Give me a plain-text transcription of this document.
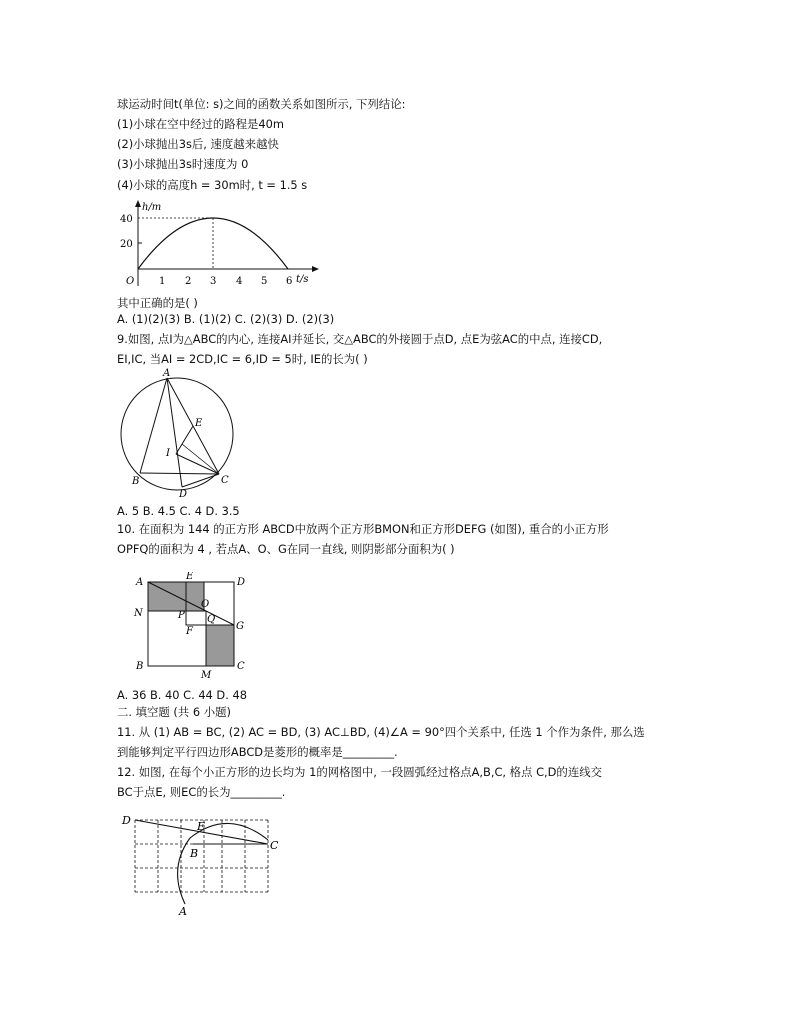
球运动时间t(单位: s)之间的函数关系如图所示, 下列结论:
(1)小球在空中经过的路程是40m
(2)小球抛出3s后, 速度越来越快
(3)小球抛出3s时速度为 0
(4)小球的高度h = 30m时, t = 1.5 s
20
40
h/m
1 2 3 4 5 6 t/s
O
其中正确的是( )
A. (1)(2)(3) B. (1)(2) C. (2)(3) D. (2)(3)
9.如图, 点I为△ABC的内心, 连接AI并延长, 交△ABC的外接圆于点D, 点E为弦AC的中点, 连接CD,
EI,IC, 当AI = 2CD,IC = 6,ID = 5时, IE的长为( )
A
E
I
B	C
D
A. 5 B. 4.5 C. 4 D. 3.5
10. 在面积为 144 的正方形 ABCD中放两个正方形BMON和正方形DEFG (如图), 重合的小正方形
OPFQ的面积为 4 , 若点A、O、G在同一直线, 则阴影部分面积为( )
A
E
D
N	P
O
F
Q
G
B
M
C
A. 36 B. 40 C. 44 D. 48
二. 填空题 (共 6 小题)
11. 从 (1) AB = BC, (2) AC = BD, (3) AC⊥BD, (4)∠A = 90°四个关系中, 任选 1 个作为条件, 那么选
到能够判定平行四边形ABCD是菱形的概率是_________.
12. 如图, 在每个小正方形的边长均为 1的网格图中, 一段圆弧经过格点A,B,C, 格点 C,D的连线交
BC于点E, 则EC的长为_________.
D	E
B
C
A
